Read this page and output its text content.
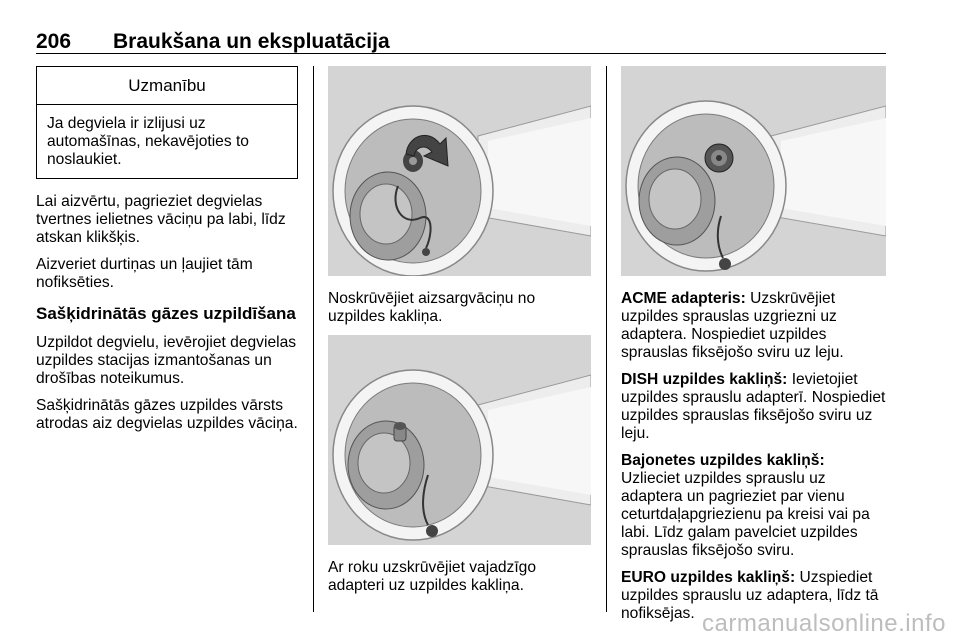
206 Braukšana un ekspluatācija
Uzmanību
Ja degviela ir izlijusi uz automašīnas, nekavējoties to noslaukiet.

Lai aizvērtu, pagrieziet degvielas tvertnes ielietnes vāciņu pa labi, līdz atskan klikšķis.

Aizveriet durtiņas un ļaujiet tām nofiksēties.

Sašķidrinātās gāzes uzpildīšana

Uzpildot degvielu, ievērojiet degvielas uzpildes stacijas izmantošanas un drošības noteikumus.

Sašķidrinātās gāzes uzpildes vārsts atrodas aiz degvielas uzpildes vāciņa.

Noskrūvējiet aizsargvāciņu no uzpildes kakliņa.

Ar roku uzskrūvējiet vajadzīgo adapteri uz uzpildes kakliņa.

ACME adapteris: Uzskrūvējiet uzpildes sprauslas uzgriezni uz adaptera. Nospiediet uzpildes sprauslas fiksējošo sviru uz leju.

DISH uzpildes kakliņš: Ievietojiet uzpildes sprauslu adapterī. Nospiediet uzpildes sprauslas fiksējošo sviru uz leju.

Bajonetes uzpildes kakliņš: Uzlieciet uzpildes sprauslu uz adaptera un pagrieziet par vienu ceturtdaļapgriezienu pa kreisi vai pa labi. Līdz galam pavelciet uzpildes sprauslas fiksējošo sviru.

EURO uzpildes kakliņš: Uzspiediet uzpildes sprauslu uz adaptera, līdz tā nofiksējas. carmanualsonline.info
